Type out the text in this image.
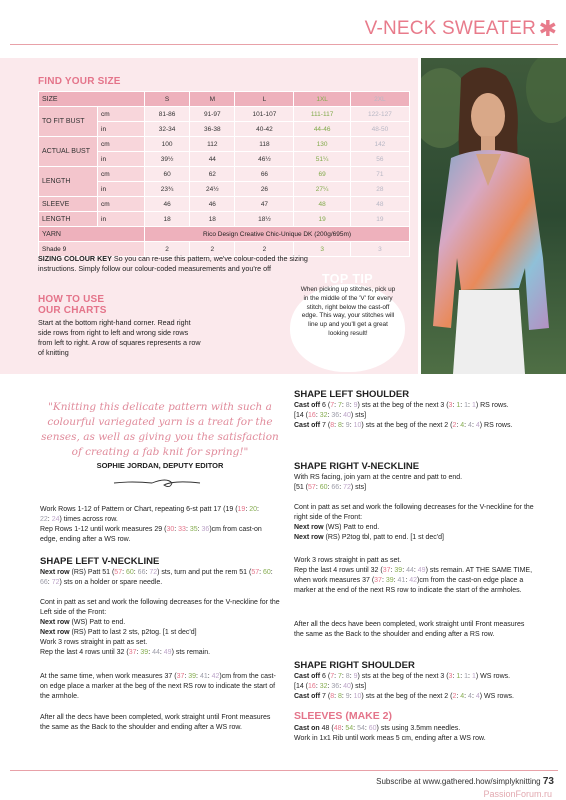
V-NECK SWEATER ✱
FIND YOUR SIZE
SIZE		S	M	L	1XL	2XL
TO FIT BUST	cm	81-86	91-97	101-107	111-117	122-127
	in	32-34	36-38	40-42	44-46	48-50
ACTUAL BUST	cm	100	112	118	130	142
	in	39½	44	46½	51¼	56
LENGTH	cm	60	62	66	69	71
	in	23¾	24½	26	27¼	28
SLEEVE	cm	46	46	47	48	48
LENGTH	in	18	18	18½	19	19
YARN		Rico Design Creative Chic-Unique DK (200g/695m)				
Shade 9		2	2	2	3	3
SIZING COLOUR KEY So you can re-use this pattern, we've colour-coded the sizing instructions. Simply follow our colour-coded measurements and you're off
HOW TO USE
OUR CHARTS
Start at the bottom right-hand corner. Read right side rows from right to left and wrong side rows from left to right. A row of squares represents a row of knitting
TOP TIP
When picking up stitches, pick up in the middle of the 'V' for every stitch, right below the cast-off edge. This way, your stitches will line up and you'll get a great looking result!
"Knitting this delicate pattern with such a colourful variegated yarn is a treat for the senses, as well as giving you the satisfaction of creating a fab knit for spring!"
SOPHIE JORDAN, DEPUTY EDITOR
Work Rows 1-12 of Pattern or Chart, repeating 6-st patt 17 (19 (19: 20:
22: 24) times across row.
Rep Rows 1-12 until work measures 29 (30: 33: 35: 36)cm from cast-on edge, ending after a WS row.
SHAPE LEFT V-NECKLINE
Next row (RS) Patt 51 (57: 60: 66: 72) sts, turn and put the rem 51 (57: 60: 66: 72) sts on a holder or spare needle.
Cont in patt as set and work the following decreases for the V-neckline for the Left side of the Front:
Next row (WS) Patt to end.
Next row (RS) Patt to last 2 sts, p2tog. [1 st dec'd]
Work 3 rows straight in patt as set.
Rep the last 4 rows until 32 (37: 39: 44: 49) sts remain.
At the same time, when work measures 37 (37: 39: 41: 42)cm from the cast-on edge place a marker at the beg of the next RS row to indicate the start of the armhole.
After all the decs have been completed, work straight until Front measures the same as the Back to the shoulder and ending after a WS row.
SHAPE LEFT SHOULDER
Cast off 6 (7: 7: 8: 9) sts at the beg of the next 3 (3: 1: 1: 1) RS rows.
[14 (16: 32: 36: 40) sts]
Cast off 7 (8: 8: 9: 10) sts at the beg of the next 2 (2: 4: 4: 4) RS rows.
SHAPE RIGHT V-NECKLINE
With RS facing, join yarn at the centre and patt to end.
[51 (57: 60: 66: 72) sts]
Cont in patt as set and work the following decreases for the V-neckline for the right side of the Front:
Next row (WS) Patt to end.
Next row (RS) P2tog tbl, patt to end. [1 st dec'd]
Work 3 rows straight in patt as set.
Rep the last 4 rows until 32 (37: 39: 44: 49) sts remain. AT THE SAME TIME, when work measures 37 (37: 39: 41: 42)cm from the cast-on edge place a marker at the end of the next RS row to indicate the start of the armholes.
After all the decs have been completed, work straight until Front measures the same as the Back to the shoulder and ending after a RS row.
SHAPE RIGHT SHOULDER
Cast off 6 (7: 7: 8: 9) sts at the beg of the next 3 (3: 1: 1: 1) WS rows.
[14 (16: 32: 36: 40) sts]
Cast off 7 (8: 8: 9: 10) sts at the beg of the next 2 (2: 4: 4: 4) WS rows.
SLEEVES (MAKE 2)
Cast on 48 (48: 54: 54: 60) sts using 3.5mm needles.
Work in 1x1 Rib until work meas 5 cm, ending after a WS row.
Subscribe at www.gathered.how/simplyknitting 73
PassionForum.ru
